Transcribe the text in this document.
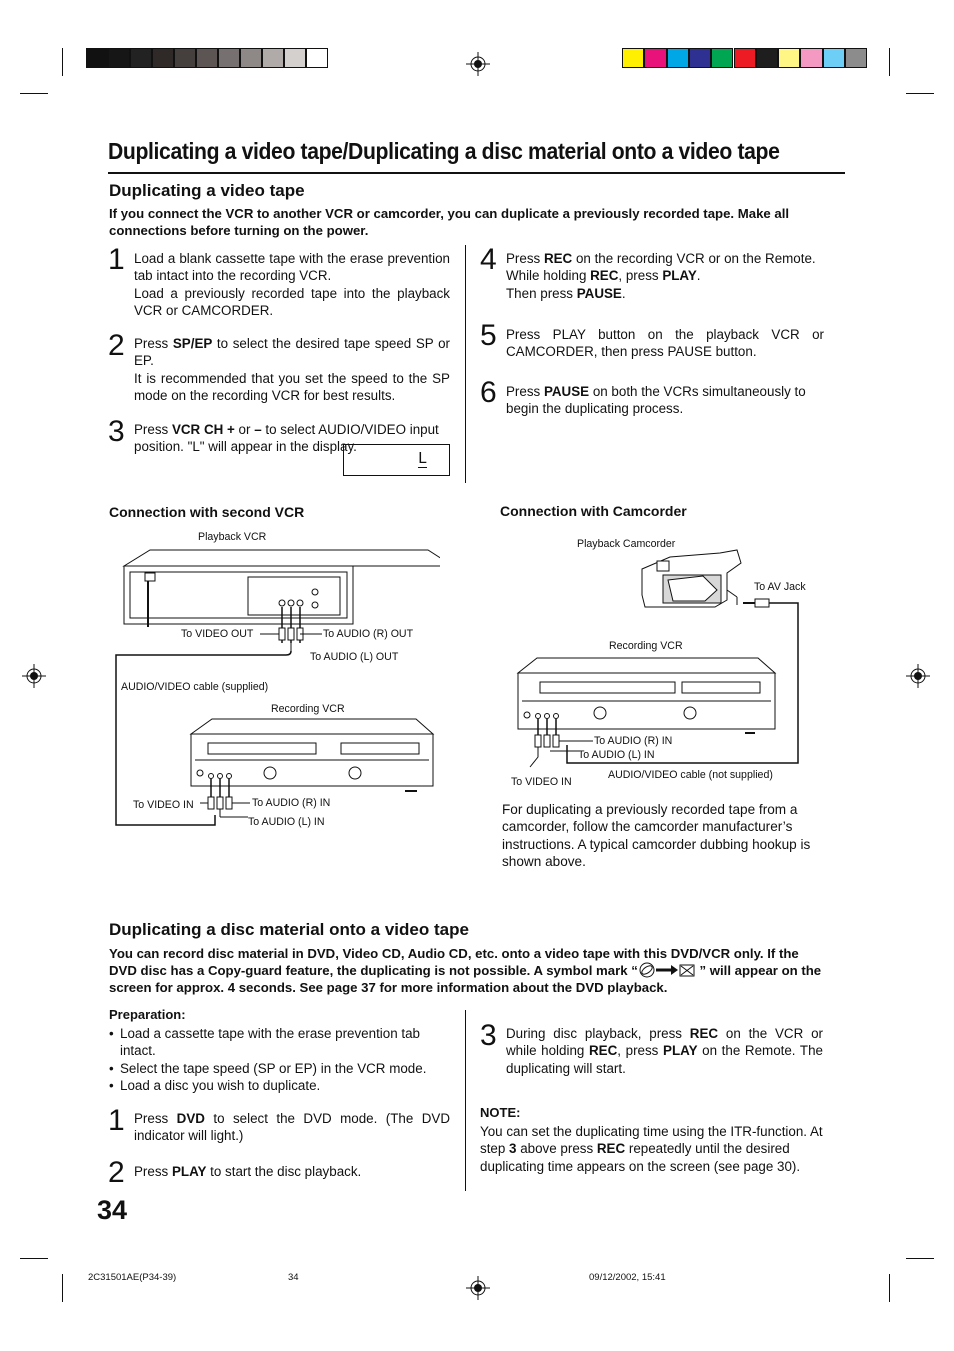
Duplicating a video tape/Duplicating a disc material onto a video tape
Duplicating a video tape
If you connect the VCR to another VCR or camcorder, you can duplicate a previously recorded tape. Make all connections before turning on the power.
1 Load a blank cassette tape with the erase prevention tab intact into the recording VCR.
Load a previously recorded tape into the playback VCR or CAMCORDER.
2 Press SP/EP to select the desired tape speed SP or EP.
It is recommended that you set the speed to the SP mode on the recording VCR for best results.
3 Press VCR CH + or – to select AUDIO/VIDEO input position. "L" will appear in the display.
L
4 Press REC on the recording VCR or on the Remote.
While holding REC, press PLAY.
Then press PAUSE.
5 Press PLAY button on the playback VCR or CAMCORDER, then press PAUSE button.
6 Press PAUSE on both the VCRs simultaneously to begin the duplicating process.
Connection with second VCR
Playback VCR
To VIDEO OUT	To AUDIO (R) OUT
To AUDIO (L) OUT
AUDIO/VIDEO cable (supplied)
Recording VCR
To VIDEO IN	To AUDIO (R) IN
To AUDIO (L) IN
Connection with Camcorder
Playback Camcorder
To AV Jack
Recording VCR
To AUDIO (R) IN
To AUDIO (L) IN
AUDIO/VIDEO cable (not supplied)
To VIDEO IN
For duplicating a previously recorded tape from a camcorder, follow the camcorder manufacturer’s instructions. A typical camcorder dubbing hookup is shown above.
Duplicating a disc material onto a video tape
You can record disc material in DVD, Video CD, Audio CD, etc. onto a video tape with this DVD/VCR only. If the DVD disc has a Copy-guard feature, the duplicating is not possible. A symbol mark “	” will appear on the screen for approx. 4 seconds. See page 37 for more information about the DVD playback.
Preparation:
• Load a cassette tape with the erase prevention tab intact.
• Select the tape speed (SP or EP) in the VCR mode.
• Load a disc you wish to duplicate.
1 Press DVD to select the DVD mode. (The DVD indicator will light.)
2 Press PLAY to start the disc playback.
3 During disc playback, press REC on the VCR or while holding REC, press PLAY on the Remote. The duplicating will start.
NOTE:
You can set the duplicating time using the ITR-function. At step 3 above press REC repeatedly until the desired duplicating time appears on the screen (see page 30).
34
2C31501AE(P34-39)	34	09/12/2002, 15:41
